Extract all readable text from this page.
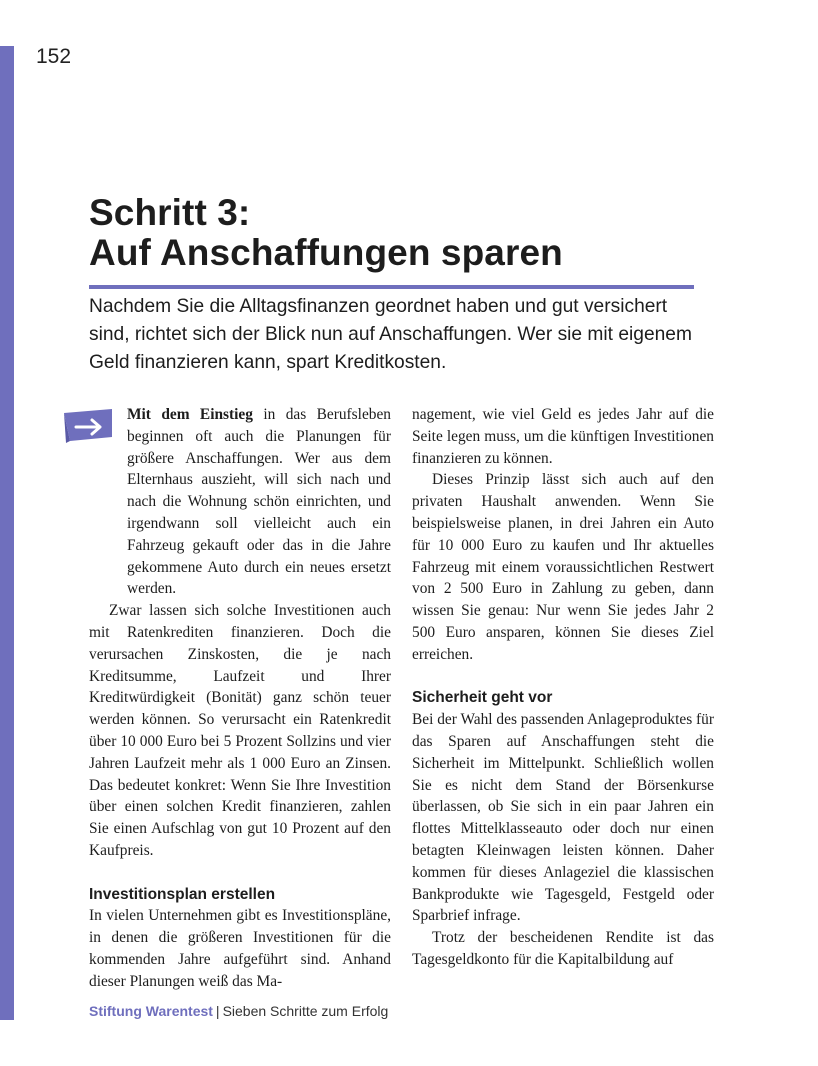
152
Schritt 3:
Auf Anschaffungen sparen

Nachdem Sie die Alltagsfinanzen geordnet haben und gut versichert sind, richtet sich der Blick nun auf Anschaffungen. Wer sie mit eigenem Geld finanzieren kann, spart Kreditkosten.

Mit dem Einstieg in das Berufsleben beginnen oft auch die Planungen für größere Anschaffungen. Wer aus dem Elternhaus auszieht, will sich nach und nach die Wohnung schön einrichten, und irgendwann soll vielleicht auch ein Fahrzeug gekauft oder das in die Jahre gekommene Auto durch ein neues ersetzt werden.

Zwar lassen sich solche Investitionen auch mit Ratenkrediten finanzieren. Doch die verursachen Zinskosten, die je nach Kreditsumme, Laufzeit und Ihrer Kreditwürdigkeit (Bonität) ganz schön teuer werden können. So verursacht ein Ratenkredit über 10 000 Euro bei 5 Prozent Sollzins und vier Jahren Laufzeit mehr als 1 000 Euro an Zinsen. Das bedeutet konkret: Wenn Sie Ihre Investition über einen solchen Kredit finanzieren, zahlen Sie einen Aufschlag von gut 10 Prozent auf den Kaufpreis.

Investitionsplan erstellen

In vielen Unternehmen gibt es Investitionspläne, in denen die größeren Investitionen für die kommenden Jahre aufgeführt sind. Anhand dieser Planungen weiß das Ma-

nagement, wie viel Geld es jedes Jahr auf die Seite legen muss, um die künftigen Investitionen finanzieren zu können.

Dieses Prinzip lässt sich auch auf den privaten Haushalt anwenden. Wenn Sie beispielsweise planen, in drei Jahren ein Auto für 10 000 Euro zu kaufen und Ihr aktuelles Fahrzeug mit einem voraussichtlichen Restwert von 2 500 Euro in Zahlung zu geben, dann wissen Sie genau: Nur wenn Sie jedes Jahr 2 500 Euro ansparen, können Sie dieses Ziel erreichen.

Sicherheit geht vor

Bei der Wahl des passenden Anlageproduktes für das Sparen auf Anschaffungen steht die Sicherheit im Mittelpunkt. Schließlich wollen Sie es nicht dem Stand der Börsenkurse überlassen, ob Sie sich in ein paar Jahren ein flottes Mittelklasseauto oder doch nur einen betagten Kleinwagen leisten können. Daher kommen für dieses Anlageziel die klassischen Bankprodukte wie Tagesgeld, Festgeld oder Sparbrief infrage.

Trotz der bescheidenen Rendite ist das Tagesgeldkonto für die Kapitalbildung auf

Stiftung Warentest | Sieben Schritte zum Erfolg
